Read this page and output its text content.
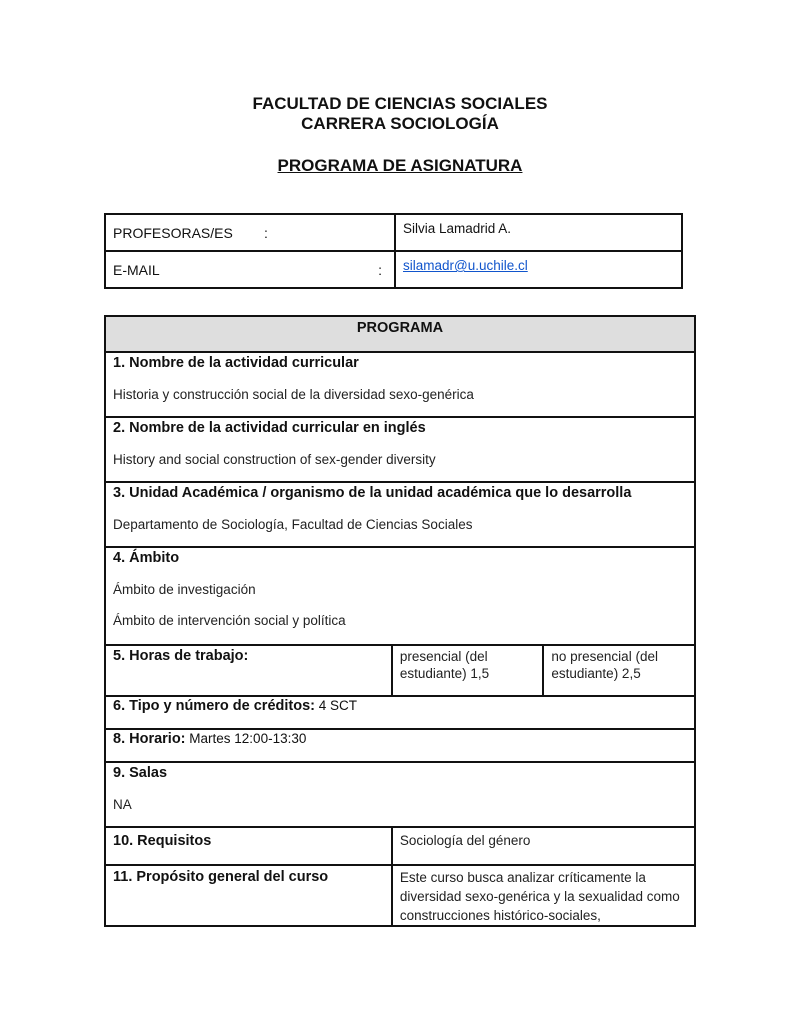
FACULTAD DE CIENCIAS SOCIALES
CARRERA SOCIOLOGÍA
PROGRAMA DE ASIGNATURA
PROFESORAS/ES :	Silvia Lamadrid A.
E-MAIL :	silamadr@u.uchile.cl
PROGRAMA		

1. Nombre de la actividad curricular
Historia y construcción social de la diversidad sexo-genérica		

2. Nombre de la actividad curricular en inglés
History and social construction of sex-gender diversity		

3. Unidad Académica / organismo de la unidad académica que lo desarrolla
Departamento de Sociología, Facultad de Ciencias Sociales		

4. Ámbito
Ámbito de investigación
Ámbito de intervención social y política		

5. Horas de trabajo:	presencial (del estudiante) 1,5	no presencial (del estudiante) 2,5
6. Tipo y número de créditos: 4 SCT		
8. Horario: Martes 12:00-13:30		

9. Salas
NA		

10. Requisitos	Sociología del género	
11. Propósito general del curso	Este curso busca analizar críticamente la diversidad sexo-genérica y la sexualidad como construcciones histórico-sociales,	
